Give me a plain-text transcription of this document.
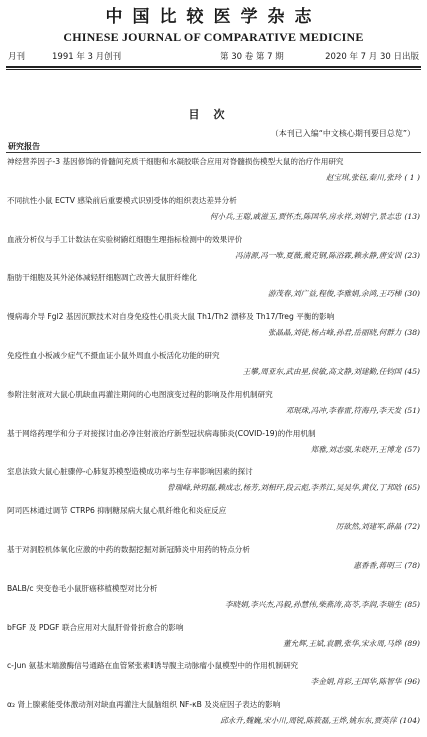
中国比较医学杂志
CHINESE JOURNAL OF COMPARATIVE MEDICINE
月刊	1991 年 3 月创刊	第 30 卷 第 7 期	2020 年 7 月 30 日出版
目次
（本刊已入编“中文核心期刊要目总览”）
研究报告
神经营养因子-3 基因修饰的骨髓间充质干细胞和水凝胶联合应用对脊髓损伤模型大鼠的治疗作用研究
赵宝琪,张钰,秦川,张玲 ( 1 )
不同抗性小鼠 ECTV 感染前后重要模式识别受体的组织表达差异分析
何小兵,王聪,戚滋玉,贾怀杰,陈国华,房永祥,刘娟宁,景志忠 (13)
血液分析仪与手工计数法在实验树鼩红细胞生理指标检测中的效果评价
冯清源,冯一唯,夏薇,戴克钢,陈浴霖,赖永静,唐安训 (23)
脂肪干细胞及其外泌体减轻肝细胞凋亡改善大鼠肝纤维化
游茂春,刘广益,程俊,李雅娟,余鸿,王巧梯 (30)
慢病毒介导 Fgl2 基因沉默技术对自身免疫性心肌炎大鼠 Th1/Th2 漂移及 Th17/Treg 平衡的影响
张晶晶,刘徒,杨占峰,孙君,岳丽晓,何群力 (38)
免疫性血小板减少症气不摄血证小鼠外周血小板活化功能的研究
王攀,周亚东,武由星,侯敏,高文静,刘建勤,任钧国 (45)
参附注射液对大鼠心肌缺血再灌注期间的心电图演变过程的影响及作用机制研究
邓珉珠,冯冲,李春雷,符海丹,李天发 (51)
基于网络药理学和分子对接探讨血必净注射液治疗新型冠状病毒肺炎(COVID-19)的作用机制
郑雅,刘志强,朱晓开,王博龙 (57)
室息法致大鼠心脏骤停-心肺复苏模型造模成功率与生存率影响因素的探讨
曾瑞峰,钟玥磊,赖成志,杨芳,刘相玕,段云彪,李养江,吴吴华,黄仪,丁邦晗 (65)
阿司匹林通过调节 CTRP6 抑制糖尿病大鼠心肌纤维化和炎症反应
厉欲然,刘建军,薛晶 (72)
基于对洞腔机体氧化应激的中药的数据挖掘对新冠肺炎中用药的特点分析
惠香香,蒋明三 (78)
BALB/c 突变卷毛小鼠肝癌移植模型对比分析
李晓娟,李兴杰,冯毅,孙慧伟,柴燕涛,高苓,李润,李瑞生 (85)
bFGF 及 PDGF 联合应用对大鼠肝骨骨折愈合的影响
董允辉,王斌,袁鹏,张华,宋永周,马烨 (89)
c-Jun 氨基末端激酶信号通路在血管紧张素Ⅱ诱导腹主动脉瘤小鼠模型中的作用机制研究
李金娟,肖彩,王国华,陈智华 (96)
α₂ 肾上腺素能受体激动剂对缺血再灌注大鼠脑组织 NF-κB 及炎症因子表达的影响
邱永升,魏巍,宋小川,周锐,陈筱磊,王烨,姚东东,贾英萍 (104)
